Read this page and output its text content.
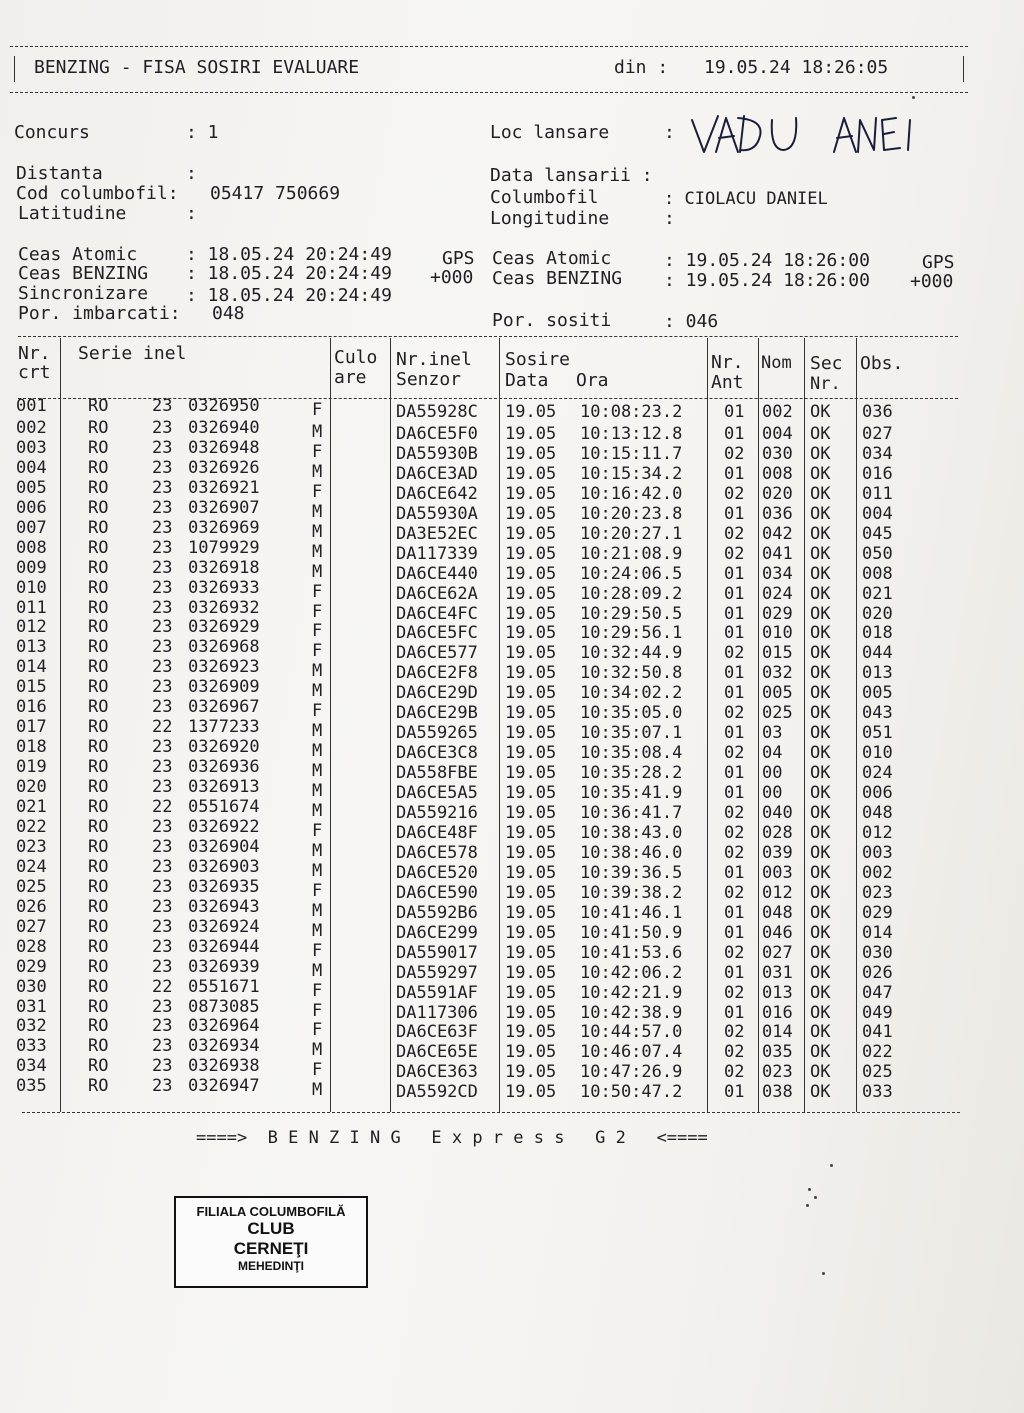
BENZING - FISA SOSIRI EVALUARE	din : 19.05.24 18:26:05
Concurs	: 1
Distanta	:
Cod columbofil: 05417 750669
Latitudine	:
Loc lansare	:
Data lansarii :
Columbofil	: CIOLACU DANIEL
Longitudine	:
Ceas Atomic	: 18.05.24 20:24:49	GPS
Ceas BENZING : 18.05.24 20:24:49 +000
Sincronizare : 18.05.24 20:24:49
Por. imbarcati: 048
Ceas Atomic	: 19.05.24 18:26:00	GPS
Ceas BENZING : 19.05.24 18:26:00 +000
Por. sositi	: 046
Nr.
crt
Serie inel	Culo
are
Nr.inel
Senzor
Sosire
Data Ora
Nr.
Ant
Nom Sec
Nr.
Obs.
001 RO	23 0326950	F	DA55928C 19.05 10:08:23.2 01 002 OK 036
002 RO	23 0326940	M	DA6CE5F0 19.05 10:13:12.8 01 004 OK 027
003 RO	23 0326948	F	DA55930B 19.05 10:15:11.7 02 030 OK 034
004 RO	23 0326926	M	DA6CE3AD 19.05 10:15:34.2 01 008 OK 016
005 RO	23 0326921	F	DA6CE642 19.05 10:16:42.0 02 020 OK 011
006 RO	23 0326907	M	DA55930A 19.05 10:20:23.8 01 036 OK 004
007 RO	23 0326969	M	DA3E52EC 19.05 10:20:27.1 02 042 OK 045
008 RO	23 1079929	M	DA117339 19.05 10:21:08.9 02 041 OK 050
009 RO	23 0326918	M	DA6CE440 19.05 10:24:06.5 01 034 OK 008
010 RO	23 0326933	F	DA6CE62A 19.05 10:28:09.2 01 024 OK 021
011 RO	23 0326932	F	DA6CE4FC 19.05 10:29:50.5 01 029 OK 020
012 RO	23 0326929	F	DA6CE5FC 19.05 10:29:56.1 01 010 OK 018
013 RO	23 0326968	F	DA6CE577 19.05 10:32:44.9 02 015 OK 044
014 RO	23 0326923	M	DA6CE2F8 19.05 10:32:50.8 01 032 OK 013
015 RO	23 0326909	M	DA6CE29D 19.05 10:34:02.2 01 005 OK 005
016 RO	23 0326967	F	DA6CE29B 19.05 10:35:05.0 02 025 OK 043
017 RO	22 1377233	M	DA559265 19.05 10:35:07.1 01 03 OK 051
018 RO	23 0326920	M	DA6CE3C8 19.05 10:35:08.4 02 04 OK 010
019 RO	23 0326936	M	DA558FBE 19.05 10:35:28.2 01 00 OK 024
020 RO	23 0326913	M	DA6CE5A5 19.05 10:35:41.9 01 00 OK 006
021 RO	22 0551674	M	DA559216 19.05 10:36:41.7 02 040 OK 048
022 RO	23 0326922	F	DA6CE48F 19.05 10:38:43.0 02 028 OK 012
023 RO	23 0326904	M	DA6CE578 19.05 10:38:46.0 02 039 OK 003
024 RO	23 0326903	M	DA6CE520 19.05 10:39:36.5 01 003 OK 002
025 RO	23 0326935	F	DA6CE590 19.05 10:39:38.2 02 012 OK 023
026 RO	23 0326943	M	DA5592B6 19.05 10:41:46.1 01 048 OK 029
027 RO	23 0326924	M	DA6CE299 19.05 10:41:50.9 01 046 OK 014
028 RO	23 0326944	F	DA559017 19.05 10:41:53.6 02 027 OK 030
029 RO	23 0326939	M	DA559297 19.05 10:42:06.2 01 031 OK 026
030 RO	22 0551671	F	DA5591AF 19.05 10:42:21.9 02 013 OK 047
031 RO	23 0873085	F	DA117306 19.05 10:42:38.9 01 016 OK 049
032 RO	23 0326964	F	DA6CE63F 19.05 10:44:57.0 02 014 OK 041
033 RO	23 0326934	M	DA6CE65E 19.05 10:46:07.4 02 035 OK 022
034 RO	23 0326938	F	DA6CE363 19.05 10:47:26.9 02 023 OK 025
035 RO	23 0326947	M	DA5592CD 19.05 10:50:47.2 01 038 OK 033
====>  B E N Z I N G   E x p r e s s   G 2   <====
FILIALA COLUMBOFILĂ
CLUB
CERNEŢI
MEHEDINŢI
